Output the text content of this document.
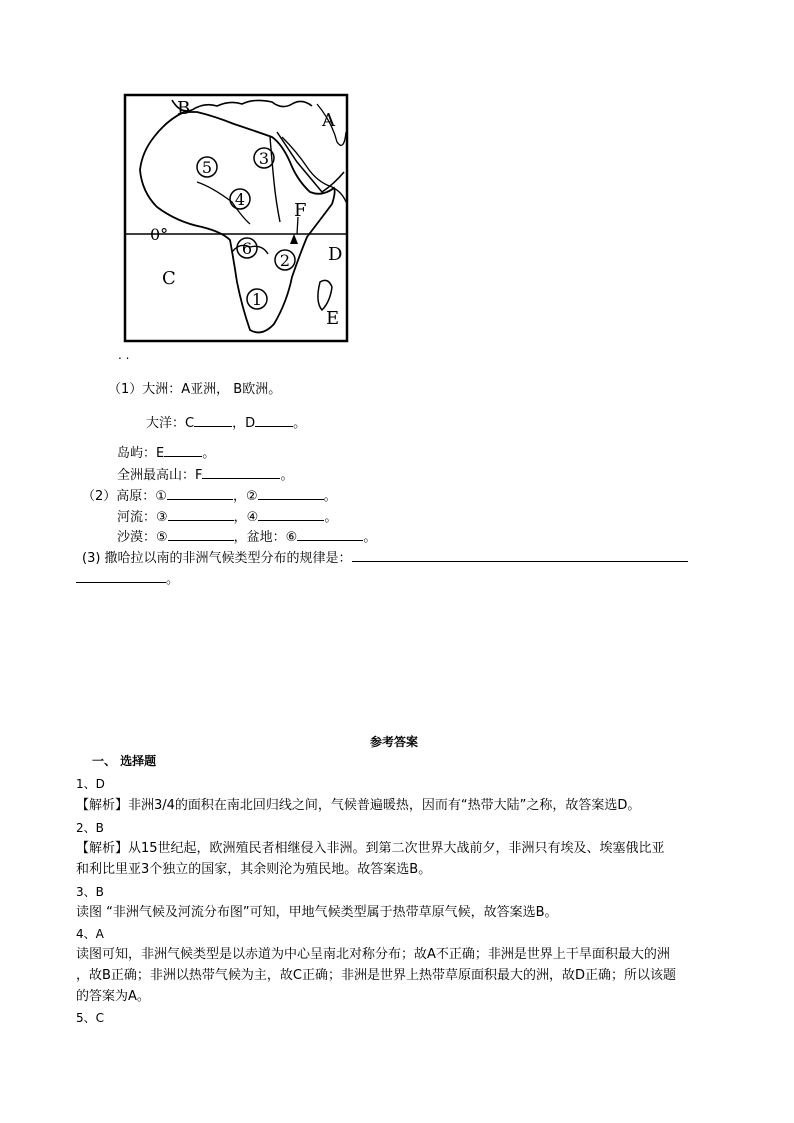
5	3
4
6
2
1
B
A
F
0°
C
D
E
. .
（1）大洲：A亚洲， B欧洲。
大洋：C	，D	。
岛屿：E	。
全洲最高山：F	。
（2）高原：①	，②	。
河流：③	，④	。
沙漠：⑤	，盆地：⑥	。
(3) 撒哈拉以南的非洲气候类型分布的规律是：
。
参考答案
一、 选择题
1、D
【解析】非洲3/4的面积在南北回归线之间，气候普遍暖热，因而有“热带大陆”之称，故答案选D。
2、B
【解析】从15世纪起，欧洲殖民者相继侵入非洲。到第二次世界大战前夕，非洲只有埃及、埃塞俄比亚
和利比里亚3个独立的国家，其余则沦为殖民地。故答案选B。
3、B
读图 “非洲气候及河流分布图”可知，甲地气候类型属于热带草原气候，故答案选B。
4、A
读图可知，非洲气候类型是以赤道为中心呈南北对称分布；故A不正确；非洲是世界上干旱面积最大的洲
，故B正确；非洲以热带气候为主，故C正确；非洲是世界上热带草原面积最大的洲，故D正确；所以该题
的答案为A。
5、C
